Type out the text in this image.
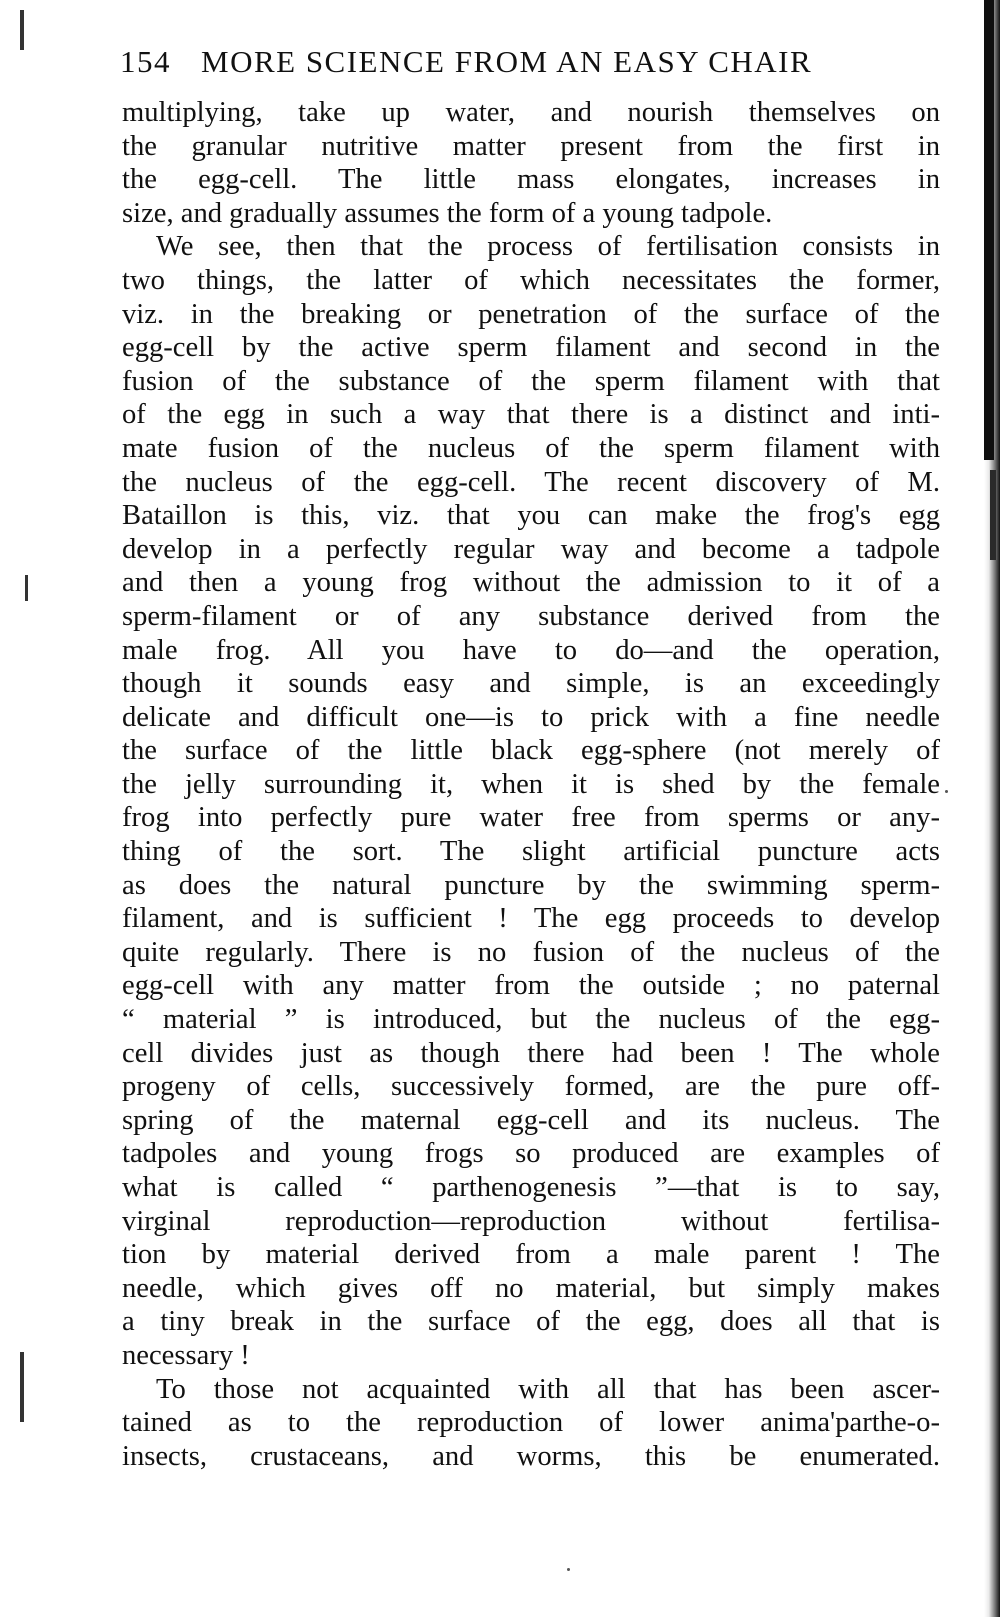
154 MORE SCIENCE FROM AN EASY CHAIR
multiplying, take up water, and nourish themselves on
the granular nutritive matter present from the first in
the egg-cell. The little mass elongates, increases in
size, and gradually assumes the form of a young tadpole.
We see, then that the process of fertilisation consists in
two things, the latter of which necessitates the former,
viz. in the breaking or penetration of the surface of the
egg-cell by the active sperm filament and second in the
fusion of the substance of the sperm filament with that
of the egg in such a way that there is a distinct and inti-
mate fusion of the nucleus of the sperm filament with
the nucleus of the egg-cell. The recent discovery of M.
Bataillon is this, viz. that you can make the frog's egg
develop in a perfectly regular way and become a tadpole
and then a young frog without the admission to it of a
sperm-filament or of any substance derived from the
male frog. All you have to do—and the operation,
though it sounds easy and simple, is an exceedingly
delicate and difficult one—is to prick with a fine needle
the surface of the little black egg-sphere (not merely of
the jelly surrounding it, when it is shed by the female
frog into perfectly pure water free from sperms or any-
thing of the sort. The slight artificial puncture acts
as does the natural puncture by the swimming sperm-
filament, and is sufficient ! The egg proceeds to develop
quite regularly. There is no fusion of the nucleus of the
egg-cell with any matter from the outside ; no paternal
“ material ” is introduced, but the nucleus of the egg-
cell divides just as though there had been ! The whole
progeny of cells, successively formed, are the pure off-
spring of the maternal egg-cell and its nucleus. The
tadpoles and young frogs so produced are examples of
what is called “ parthenogenesis ”—that is to say,
virginal reproduction—reproduction without fertilisa-
tion by material derived from a male parent ! The
needle, which gives off no material, but simply makes
a tiny break in the surface of the egg, does all that is
necessary !
To those not acquainted with all that has been ascer-
tained as to the reproduction of lower anima'parthe-o-
insects, crustaceans, and worms, this be enumerated.
